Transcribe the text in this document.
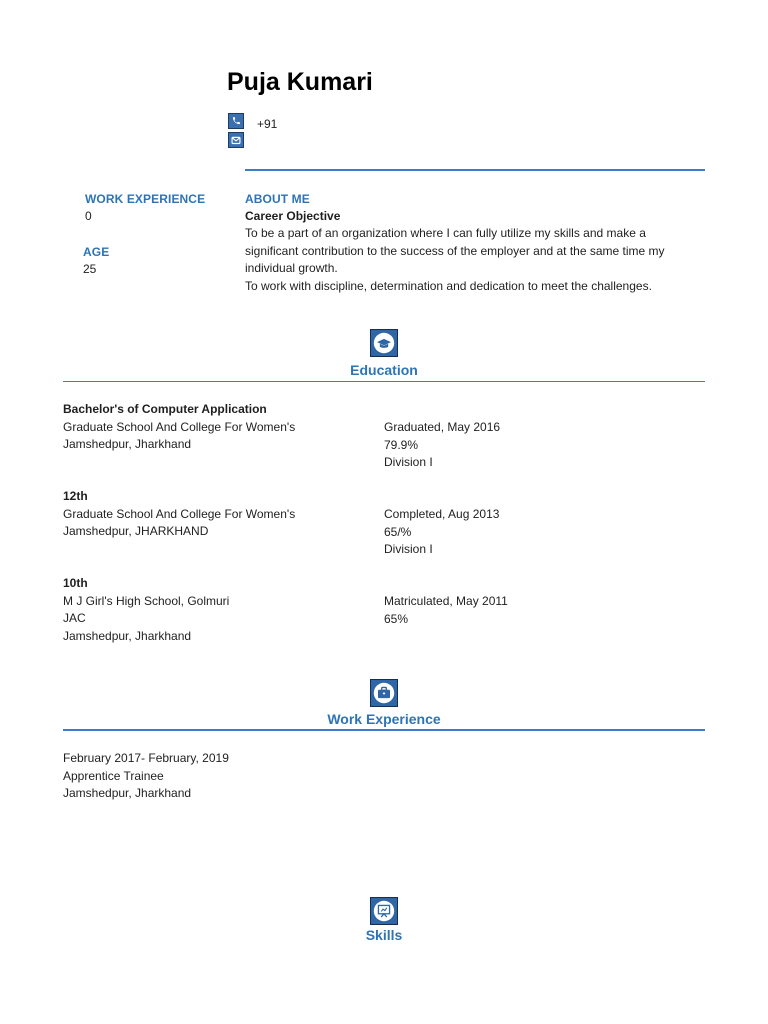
Puja Kumari
+91
WORK EXPERIENCE
0
AGE
25
ABOUT ME
Career Objective
To be a part of an organization where I can fully utilize my skills and make a
significant contribution to the success of the employer and at the same time my
individual growth.
To work with discipline, determination and dedication to meet the challenges.
Education
Bachelor's of Computer Application
Graduate School And College For Women's
Jamshedpur, Jharkhand
Graduated, May 2016
79.9%
Division I
12th
Graduate School And College For Women's
Jamshedpur, JHARKHAND
Completed, Aug 2013
65/%
Division I
10th
M J Girl's High School, Golmuri
JAC
Jamshedpur, Jharkhand
Matriculated, May 2011
65%
Work Experience
February 2017- February, 2019
Apprentice Trainee
Jamshedpur, Jharkhand
Skills
